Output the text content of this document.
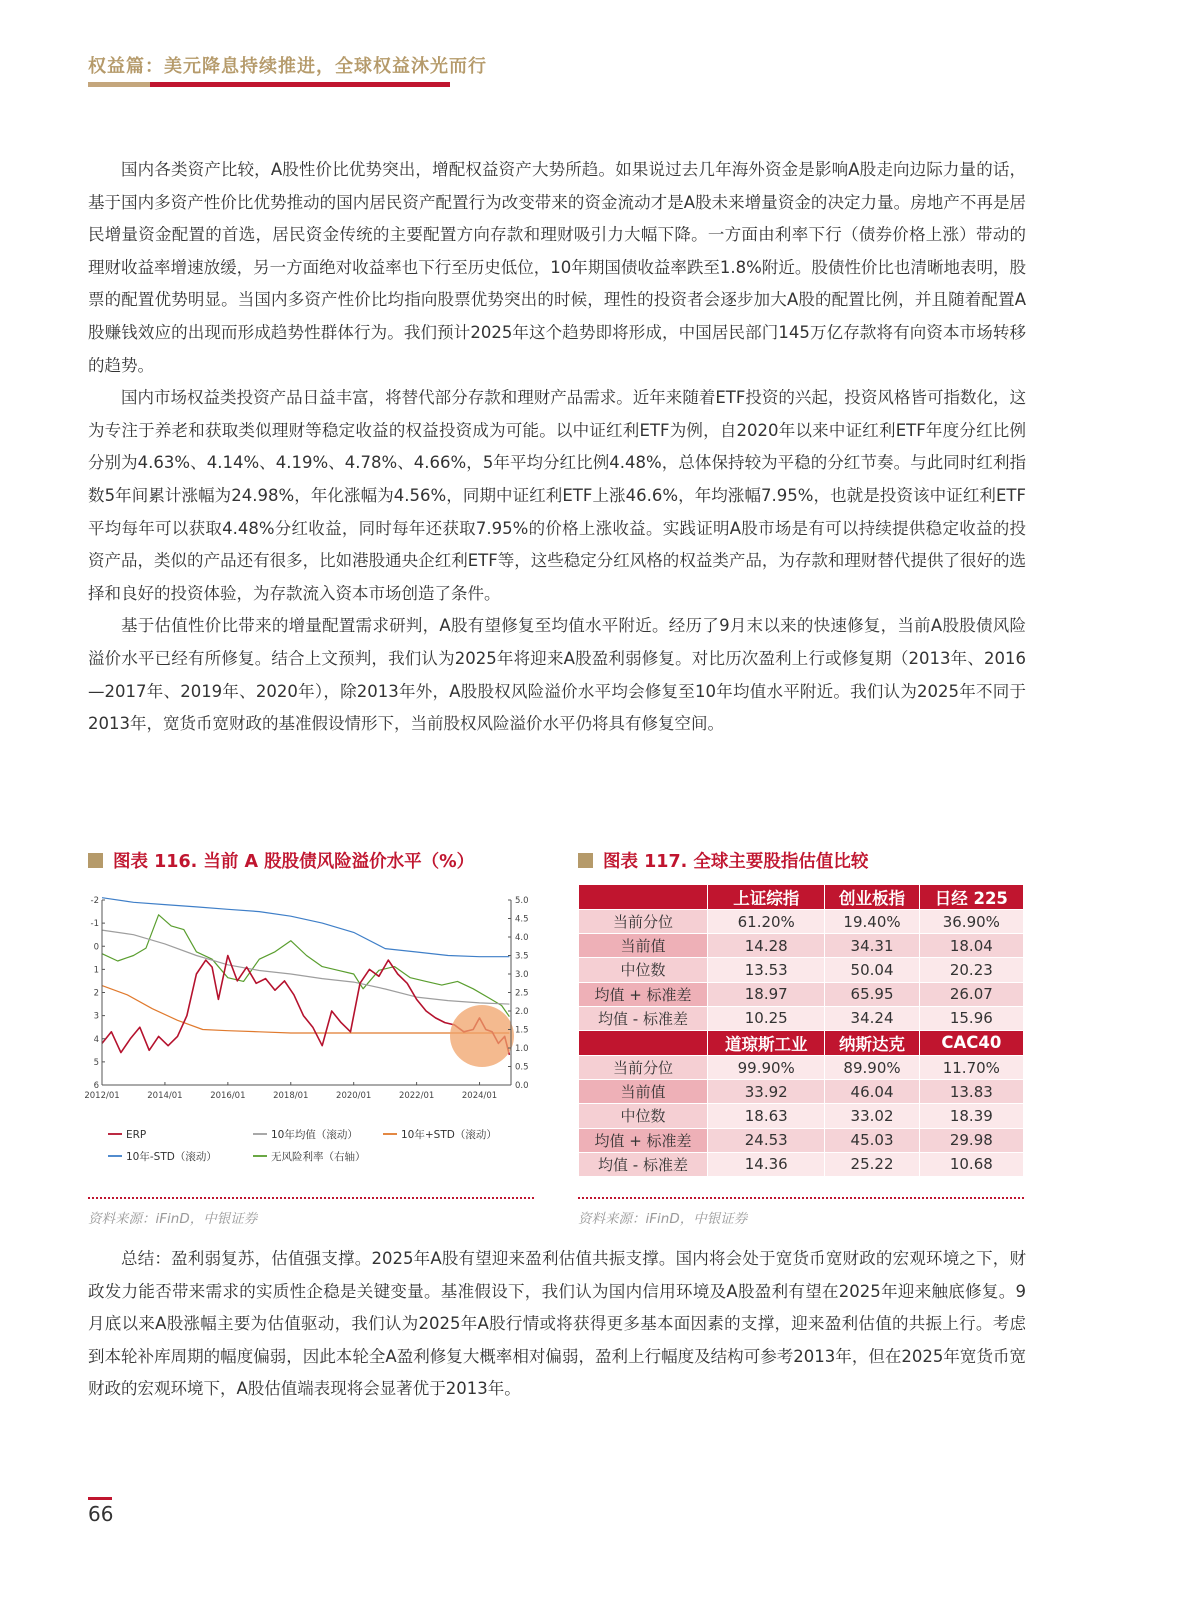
权益篇：美元降息持续推进，全球权益沐光而行

国内各类资产比较，A股性价比优势突出，增配权益资产大势所趋。如果说过去几年海外资金是影响A股走向边际力量的话，基于国内多资产性价比优势推动的国内居民资产配置行为改变带来的资金流动才是A股未来增量资金的决定力量。房地产不再是居民增量资金配置的首选，居民资金传统的主要配置方向存款和理财吸引力大幅下降。一方面由利率下行（债券价格上涨）带动的理财收益率增速放缓，另一方面绝对收益率也下行至历史低位，10年期国债收益率跌至1.8%附近。股债性价比也清晰地表明，股票的配置优势明显。当国内多资产性价比均指向股票优势突出的时候，理性的投资者会逐步加大A股的配置比例，并且随着配置A股赚钱效应的出现而形成趋势性群体行为。我们预计2025年这个趋势即将形成，中国居民部门145万亿存款将有向资本市场转移的趋势。

国内市场权益类投资产品日益丰富，将替代部分存款和理财产品需求。近年来随着ETF投资的兴起，投资风格皆可指数化，这为专注于养老和获取类似理财等稳定收益的权益投资成为可能。以中证红利ETF为例，自2020年以来中证红利ETF年度分红比例分别为4.63%、4.14%、4.19%、4.78%、4.66%，5年平均分红比例4.48%，总体保持较为平稳的分红节奏。与此同时红利指数5年间累计涨幅为24.98%，年化涨幅为4.56%，同期中证红利ETF上涨46.6%，年均涨幅7.95%，也就是投资该中证红利ETF平均每年可以获取4.48%分红收益，同时每年还获取7.95%的价格上涨收益。实践证明A股市场是有可以持续提供稳定收益的投资产品，类似的产品还有很多，比如港股通央企红利ETF等，这些稳定分红风格的权益类产品，为存款和理财替代提供了很好的选择和良好的投资体验，为存款流入资本市场创造了条件。

基于估值性价比带来的增量配置需求研判，A股有望修复至均值水平附近。经历了9月末以来的快速修复，当前A股股债风险溢价水平已经有所修复。结合上文预判，我们认为2025年将迎来A股盈利弱修复。对比历次盈利上行或修复期（2013年、2016—2017年、2019年、2020年），除2013年外，A股股权风险溢价水平均会修复至10年均值水平附近。我们认为2025年不同于2013年，宽货币宽财政的基准假设情形下，当前股权风险溢价水平仍将具有修复空间。

图表 116. 当前 A 股股债风险溢价水平（%）	图表 117. 全球主要股指估值比较
-2
-1
0
1
2
3
4
5
6	0.0
0.5
1.0
1.5
2.0
2.5
3.0
3.5
4.0
4.5
5.0
2012/01	2014/01	2016/01	2018/01	2020/01	2022/01	2024/01
ERP	10年均值（滚动）	10年+STD（滚动）
10年-STD（滚动）	无风险利率（右轴）
资料来源：iFinD，中银证券
	上证综指	创业板指	日经 225
当前分位	61.20%	19.40%	36.90%
当前值	14.28	34.31	18.04
中位数	13.53	50.04	20.23
均值 + 标准差	18.97	65.95	26.07
均值 - 标准差	10.25	34.24	15.96
	道琼斯工业	纳斯达克	CAC40
当前分位	99.90%	89.90%	11.70%
当前值	33.92	46.04	13.83
中位数	18.63	33.02	18.39
均值 + 标准差	24.53	45.03	29.98
均值 - 标准差	14.36	25.22	10.68
资料来源：iFinD，中银证券

总结：盈利弱复苏，估值强支撑。2025年A股有望迎来盈利估值共振支撑。国内将会处于宽货币宽财政的宏观环境之下，财政发力能否带来需求的实质性企稳是关键变量。基准假设下，我们认为国内信用环境及A股盈利有望在2025年迎来触底修复。9月底以来A股涨幅主要为估值驱动，我们认为2025年A股行情或将获得更多基本面因素的支撑，迎来盈利估值的共振上行。考虑到本轮补库周期的幅度偏弱，因此本轮全A盈利修复大概率相对偏弱，盈利上行幅度及结构可参考2013年，但在2025年宽货币宽财政的宏观环境下，A股估值端表现将会显著优于2013年。

66
